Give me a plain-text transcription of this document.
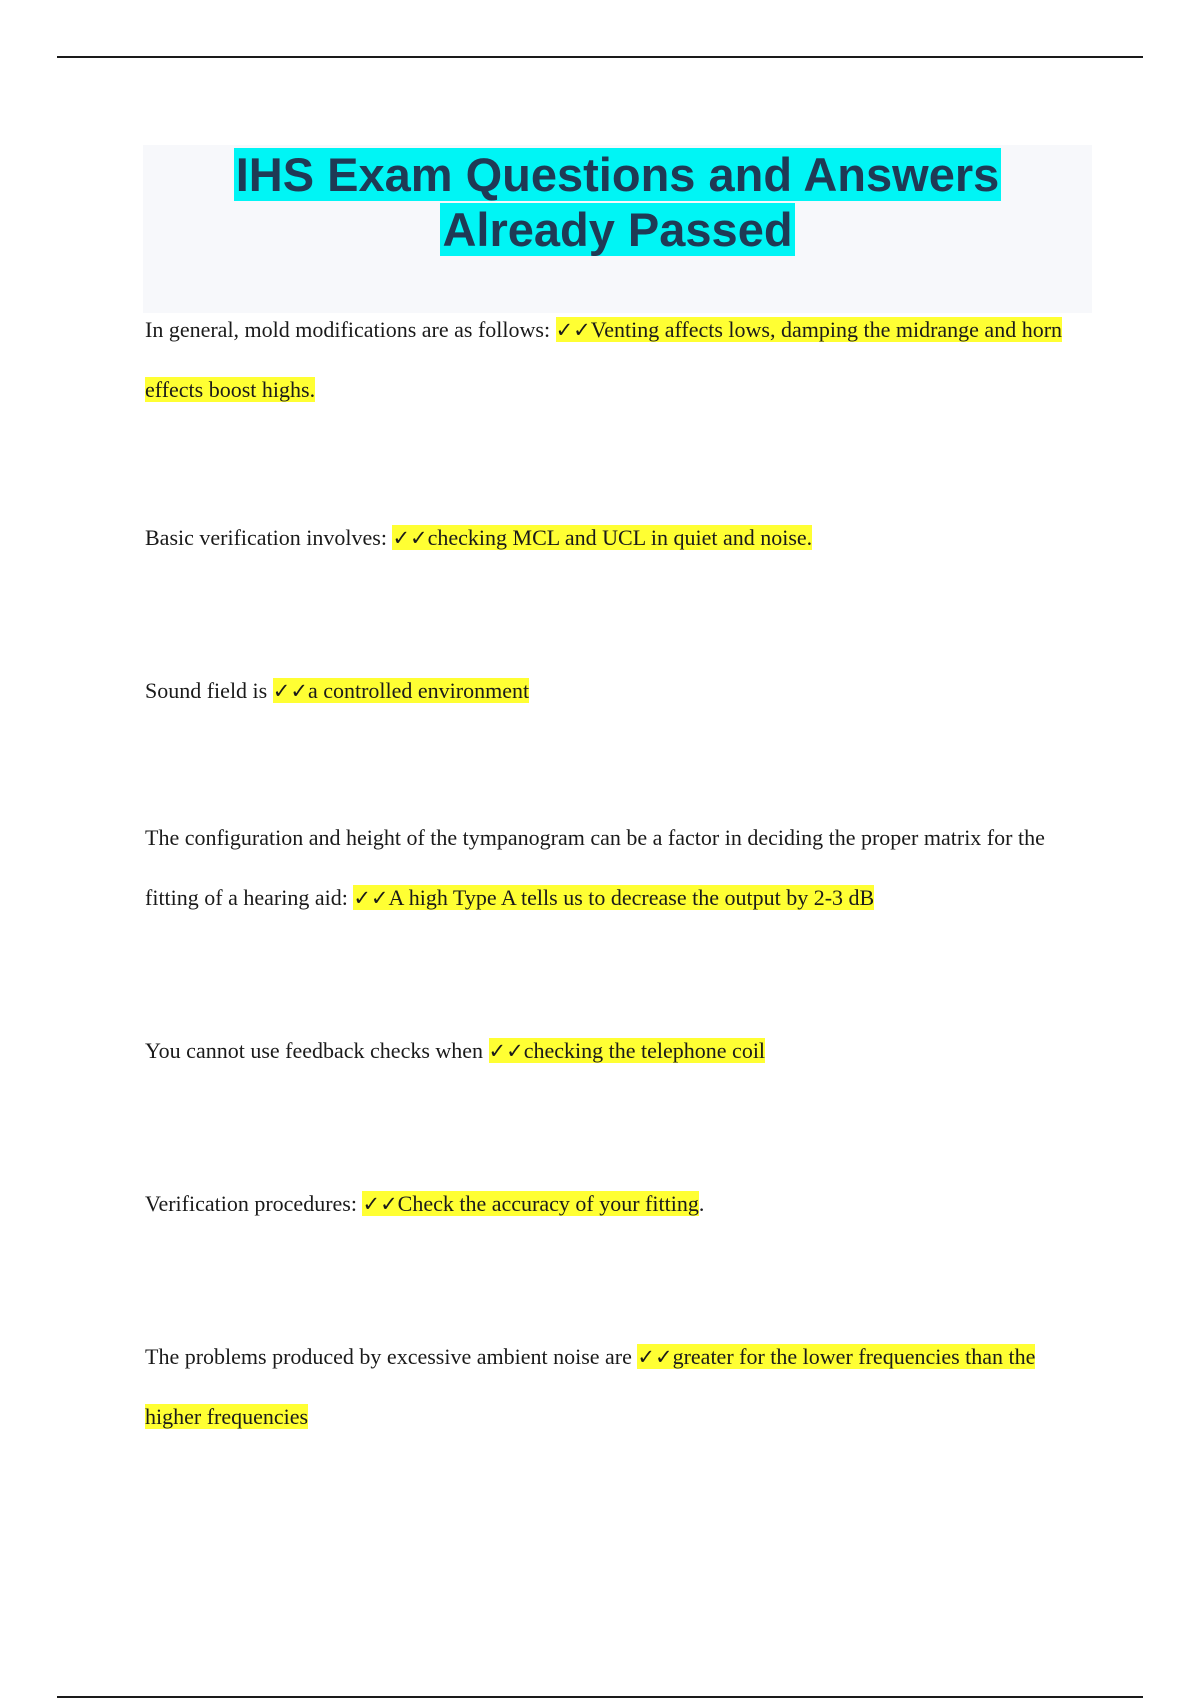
IHS Exam Questions and Answers
Already Passed

In general, mold modifications are as follows: ✓✓Venting affects lows, damping the midrange and horn effects boost highs.

Basic verification involves: ✓✓checking MCL and UCL in quiet and noise.

Sound field is ✓✓a controlled environment

The configuration and height of the tympanogram can be a factor in deciding the proper matrix for the fitting of a hearing aid: ✓✓A high Type A tells us to decrease the output by 2-3 dB

You cannot use feedback checks when ✓✓checking the telephone coil

Verification procedures: ✓✓Check the accuracy of your fitting.

The problems produced by excessive ambient noise are ✓✓greater for the lower frequencies than the higher frequencies
